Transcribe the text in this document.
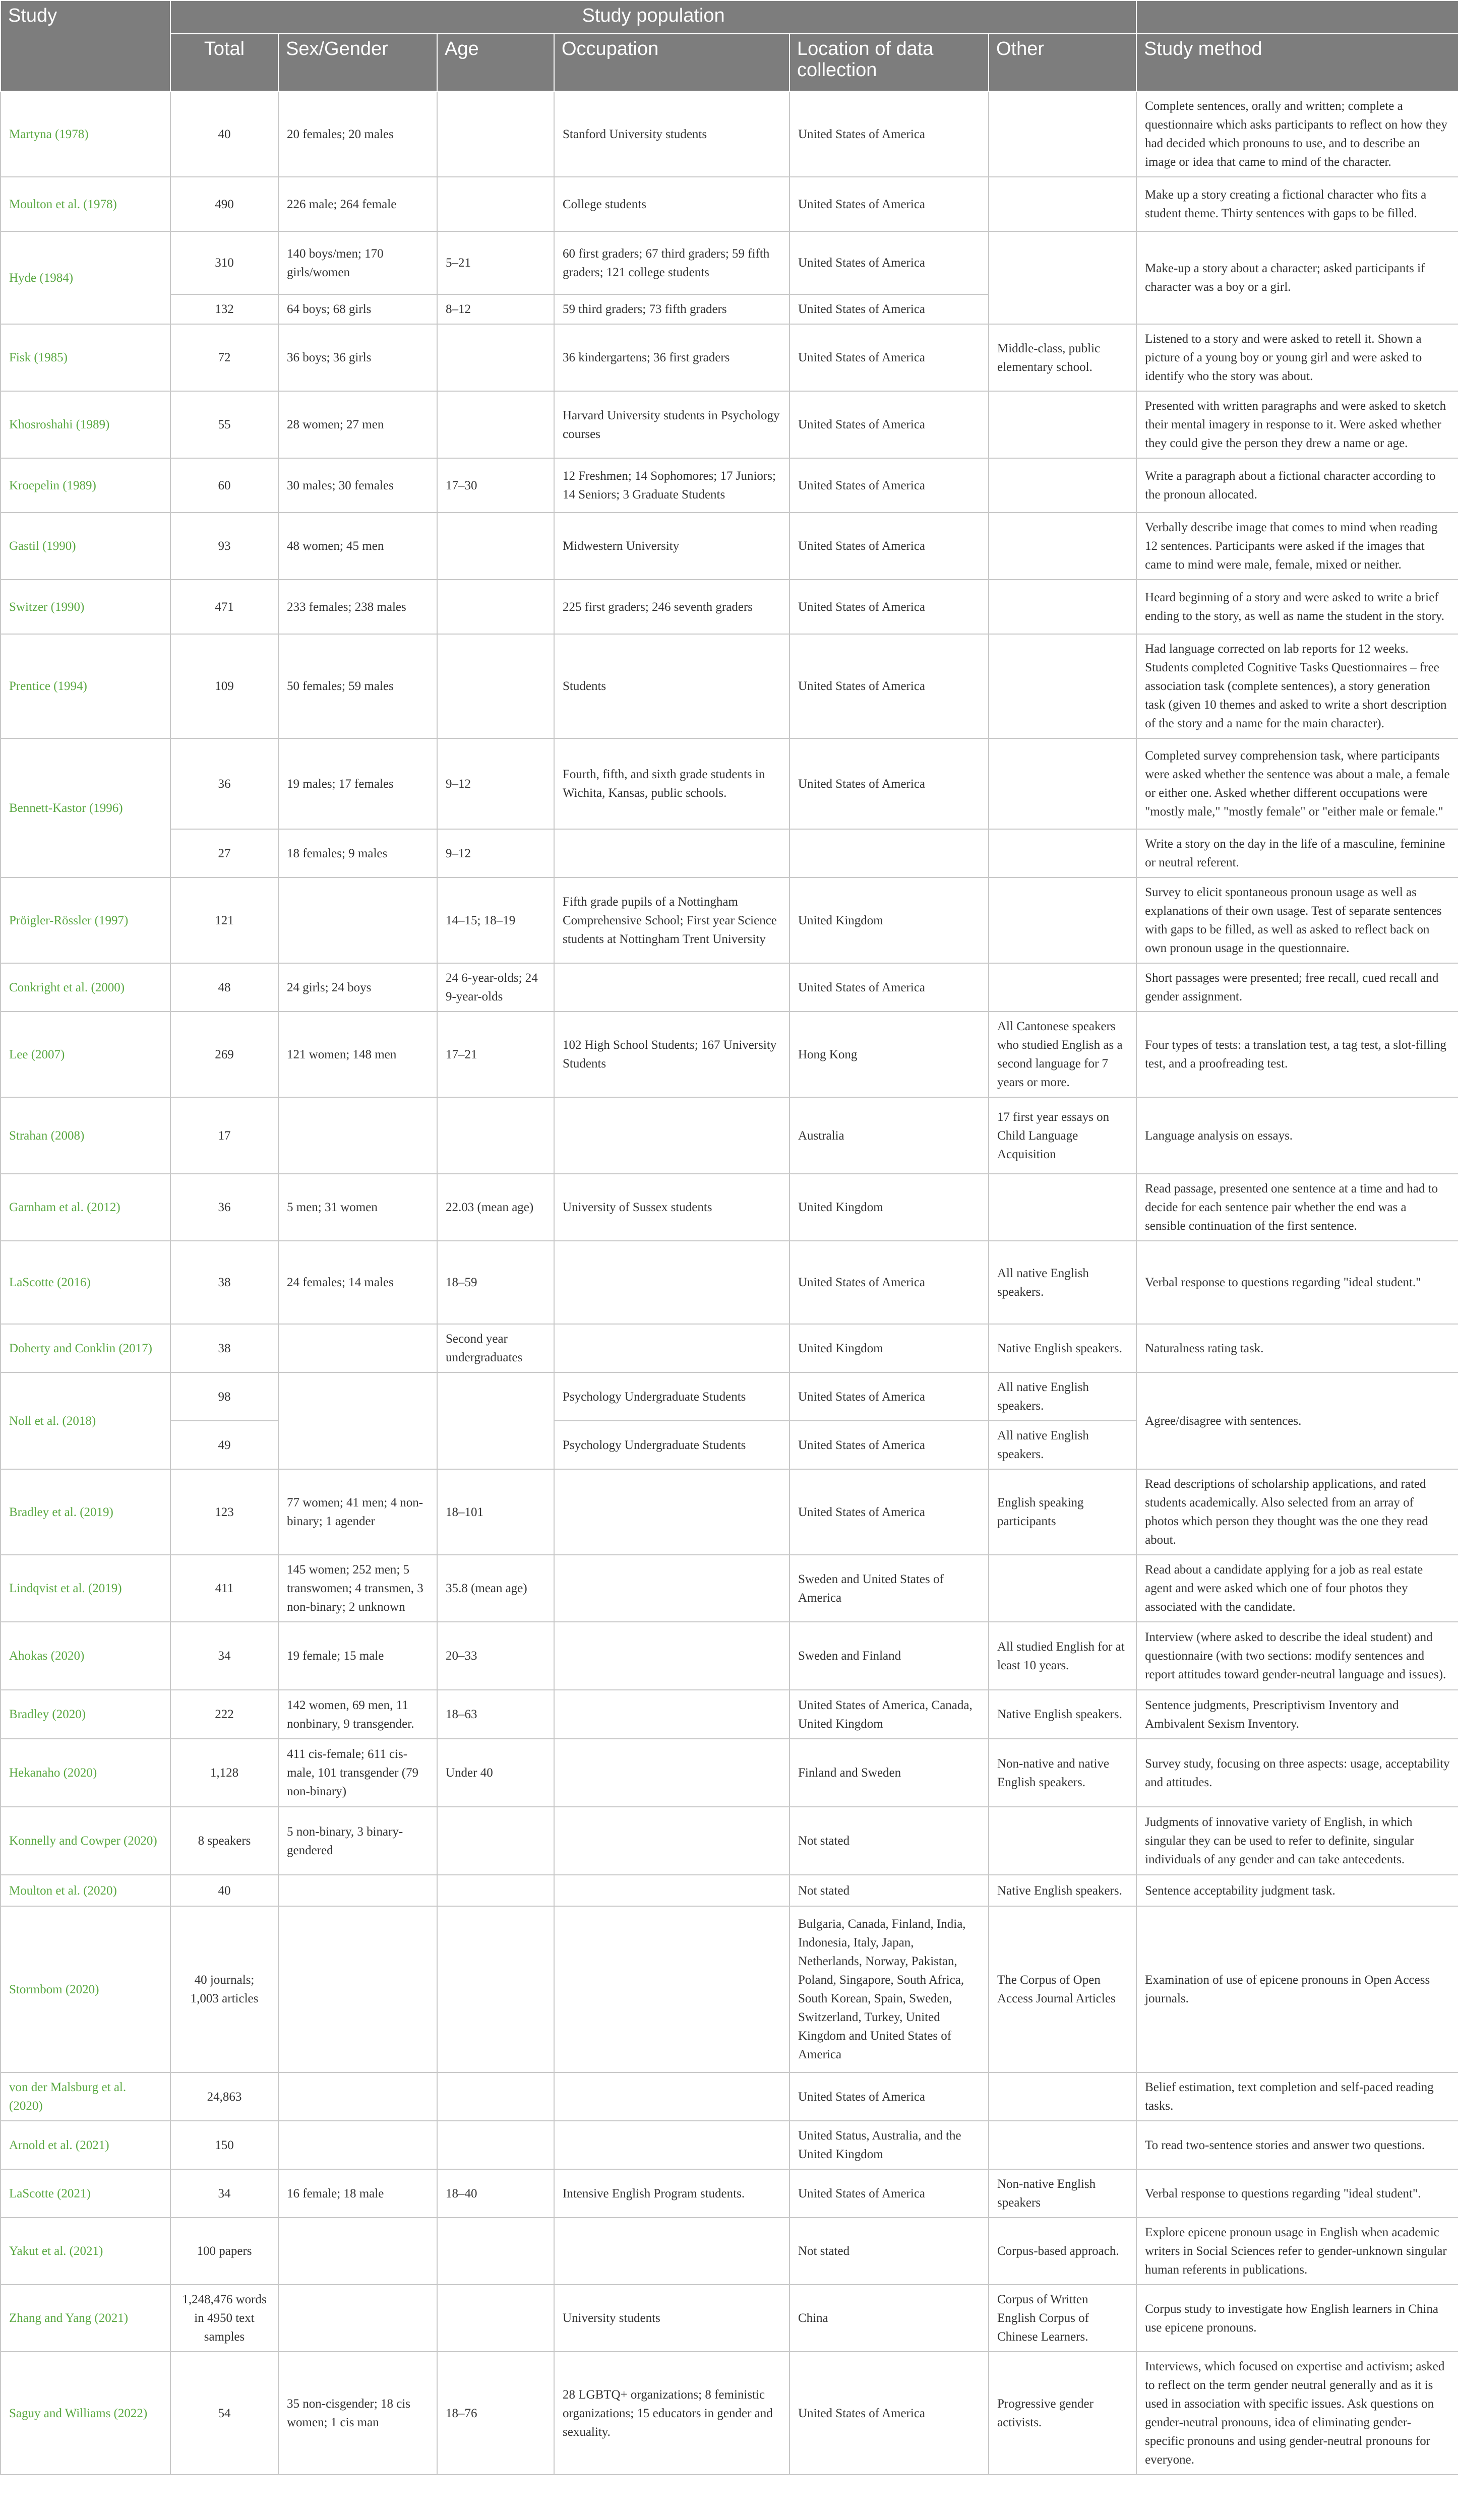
Study	Study population						
	Total	Sex/Gender	Age	Occupation	Location of data collection	Other	Study method
Martyna (1978)	40	20 females; 20 males		Stanford University students	United States of America		Complete sentences, orally and written; complete a questionnaire which asks participants to reflect on how they had decided which pronouns to use, and to describe an image or idea that came to mind of the character.
Moulton et al. (1978)	490	226 male; 264 female		College students	United States of America		Make up a story creating a fictional character who fits a student theme. Thirty sentences with gaps to be filled.
Hyde (1984)	310	140 boys/men; 170 girls/women	5–21	60 first graders; 67 third graders; 59 fifth graders; 121 college students	United States of America		Make-up a story about a character; asked participants if character was a boy or a girl.
	132	64 boys; 68 girls	8–12	59 third graders; 73 fifth graders	United States of America		
Fisk (1985)	72	36 boys; 36 girls		36 kindergartens; 36 first graders	United States of America	Middle-class, public elementary school.	Listened to a story and were asked to retell it. Shown a picture of a young boy or young girl and were asked to identify who the story was about.
Khosroshahi (1989)	55	28 women; 27 men		Harvard University students in Psychology courses	United States of America		Presented with written paragraphs and were asked to sketch their mental imagery in response to it. Were asked whether they could give the person they drew a name or age.
Kroepelin (1989)	60	30 males; 30 females	17–30	12 Freshmen; 14 Sophomores; 17 Juniors; 14 Seniors; 3 Graduate Students	United States of America		Write a paragraph about a fictional character according to the pronoun allocated.
Gastil (1990)	93	48 women; 45 men		Midwestern University	United States of America		Verbally describe image that comes to mind when reading 12 sentences. Participants were asked if the images that came to mind were male, female, mixed or neither.
Switzer (1990)	471	233 females; 238 males		225 first graders; 246 seventh graders	United States of America		Heard beginning of a story and were asked to write a brief ending to the story, as well as name the student in the story.
Prentice (1994)	109	50 females; 59 males		Students	United States of America		Had language corrected on lab reports for 12 weeks. Students completed Cognitive Tasks Questionnaires – free association task (complete sentences), a story generation task (given 10 themes and asked to write a short description of the story and a name for the main character).
Bennett-Kastor (1996)	36	19 males; 17 females	9–12	Fourth, fifth, and sixth grade students in Wichita, Kansas, public schools.	United States of America		Completed survey comprehension task, where participants were asked whether the sentence was about a male, a female or either one. Asked whether different occupations were "mostly male," "mostly female" or "either male or female."
	27	18 females; 9 males	9–12				Write a story on the day in the life of a masculine, feminine or neutral referent.
Pröigler-Rössler (1997)	121		14–15; 18–19	Fifth grade pupils of a Nottingham Comprehensive School; First year Science students at Nottingham Trent University	United Kingdom		Survey to elicit spontaneous pronoun usage as well as explanations of their own usage. Test of separate sentences with gaps to be filled, as well as asked to reflect back on own pronoun usage in the questionnaire.
Conkright et al. (2000)	48	24 girls; 24 boys	24 6-year-olds; 24 9-year-olds		United States of America		Short passages were presented; free recall, cued recall and gender assignment.
Lee (2007)	269	121 women; 148 men	17–21	102 High School Students; 167 University Students	Hong Kong	All Cantonese speakers who studied English as a second language for 7 years or more.	Four types of tests: a translation test, a tag test, a slot-filling test, and a proofreading test.
Strahan (2008)	17				Australia	17 first year essays on Child Language Acquisition	Language analysis on essays.
Garnham et al. (2012)	36	5 men; 31 women	22.03 (mean age)	University of Sussex students	United Kingdom		Read passage, presented one sentence at a time and had to decide for each sentence pair whether the end was a sensible continuation of the first sentence.
LaScotte (2016)	38	24 females; 14 males	18–59		United States of America	All native English speakers.	Verbal response to questions regarding "ideal student."
Doherty and Conklin (2017)	38		Second year undergraduates		United Kingdom	Native English speakers.	Naturalness rating task.
Noll et al. (2018)	98			Psychology Undergraduate Students	United States of America	All native English speakers.	Agree/disagree with sentences.
	49			Psychology Undergraduate Students	United States of America	All native English speakers.	
Bradley et al. (2019)	123	77 women; 41 men; 4 non-binary; 1 agender	18–101		United States of America	English speaking participants	Read descriptions of scholarship applications, and rated students academically. Also selected from an array of photos which person they thought was the one they read about.
Lindqvist et al. (2019)	411	145 women; 252 men; 5 transwomen; 4 transmen, 3 non-binary; 2 unknown	35.8 (mean age)		Sweden and United States of America		Read about a candidate applying for a job as real estate agent and were asked which one of four photos they associated with the candidate.
Ahokas (2020)	34	19 female; 15 male	20–33		Sweden and Finland	All studied English for at least 10 years.	Interview (where asked to describe the ideal student) and questionnaire (with two sections: modify sentences and report attitudes toward gender-neutral language and issues).
Bradley (2020)	222	142 women, 69 men, 11 nonbinary, 9 transgender.	18–63		United States of America, Canada, United Kingdom	Native English speakers.	Sentence judgments, Prescriptivism Inventory and Ambivalent Sexism Inventory.
Hekanaho (2020)	1,128	411 cis-female; 611 cis-male, 101 transgender (79 non-binary)	Under 40		Finland and Sweden	Non-native and native English speakers.	Survey study, focusing on three aspects: usage, acceptability and attitudes.
Konnelly and Cowper (2020)	8 speakers	5 non-binary, 3 binary-gendered			Not stated		Judgments of innovative variety of English, in which singular they can be used to refer to definite, singular individuals of any gender and can take antecedents.
Moulton et al. (2020)	40				Not stated	Native English speakers.	Sentence acceptability judgment task.
Stormbom (2020)	40 journals; 1,003 articles				Bulgaria, Canada, Finland, India, Indonesia, Italy, Japan, Netherlands, Norway, Pakistan, Poland, Singapore, South Africa, South Korean, Spain, Sweden, Switzerland, Turkey, United Kingdom and United States of America	The Corpus of Open Access Journal Articles	Examination of use of epicene pronouns in Open Access journals.
von der Malsburg et al. (2020)	24,863				United States of America		Belief estimation, text completion and self-paced reading tasks.
Arnold et al. (2021)	150				United Status, Australia, and the United Kingdom		To read two-sentence stories and answer two questions.
LaScotte (2021)	34	16 female; 18 male	18–40	Intensive English Program students.	United States of America	Non-native English speakers	Verbal response to questions regarding "ideal student".
Yakut et al. (2021)	100 papers				Not stated	Corpus-based approach.	Explore epicene pronoun usage in English when academic writers in Social Sciences refer to gender-unknown singular human referents in publications.
Zhang and Yang (2021)	1,248,476 words in 4950 text samples			University students	China	Corpus of Written English Corpus of Chinese Learners.	Corpus study to investigate how English learners in China use epicene pronouns.
Saguy and Williams (2022)	54	35 non-cisgender; 18 cis women; 1 cis man	18–76	28 LGBTQ+ organizations; 8 feministic organizations; 15 educators in gender and sexuality.	United States of America	Progressive gender activists.	Interviews, which focused on expertise and activism; asked to reflect on the term gender neutral generally and as it is used in association with specific issues. Ask questions on gender-neutral pronouns, idea of eliminating gender-specific pronouns and using gender-neutral pronouns for everyone.
